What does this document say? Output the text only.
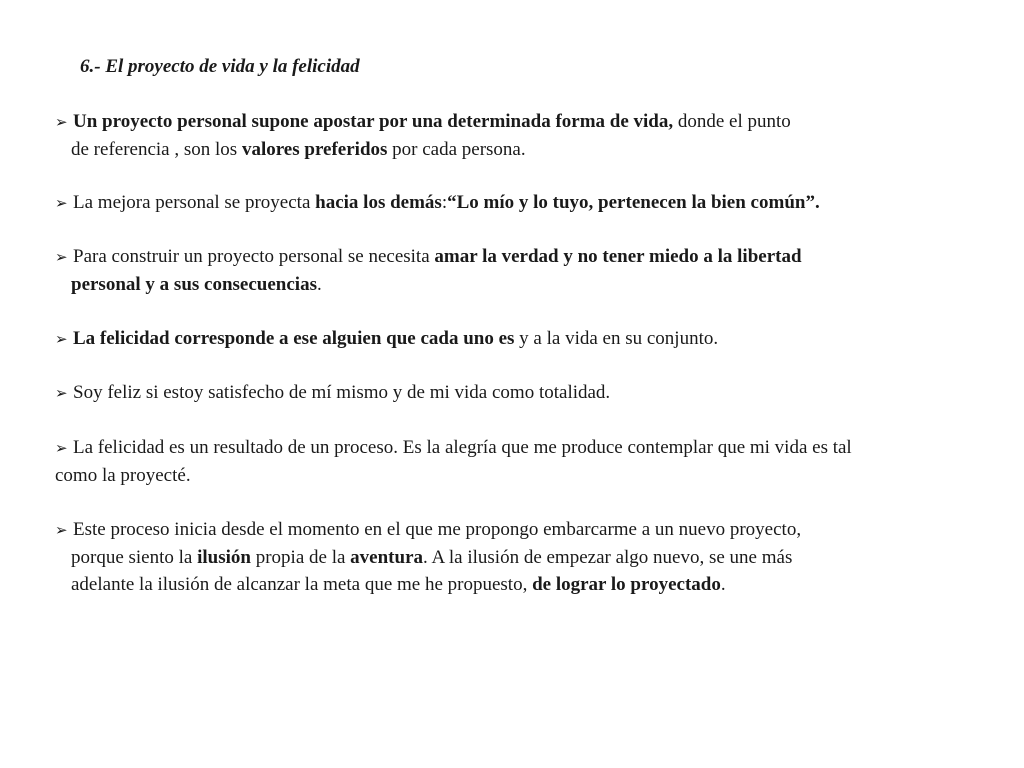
6.- El proyecto de vida y la felicidad
➢ Un proyecto personal supone apostar por una determinada forma de vida, donde el punto
de referencia , son los valores preferidos por cada persona.
➢ La mejora personal se proyecta hacia los demás:“Lo mío y lo tuyo, pertenecen la bien común”.
➢ Para construir un proyecto personal se necesita amar la verdad y no tener miedo a la libertad
personal y a sus consecuencias.
➢ La felicidad corresponde a ese alguien que cada uno es y a la vida en su conjunto.
➢ Soy feliz si estoy satisfecho de mí mismo y de mi vida como totalidad.
➢ La felicidad es un resultado de un proceso. Es la alegría que me produce contemplar que mi vida es tal
como la proyecté.
➢ Este proceso inicia desde el momento en el que me propongo embarcarme a un nuevo proyecto,
porque siento la ilusión propia de la aventura. A la ilusión de empezar algo nuevo, se une más
adelante la ilusión de alcanzar la meta que me he propuesto, de lograr lo proyectado.
